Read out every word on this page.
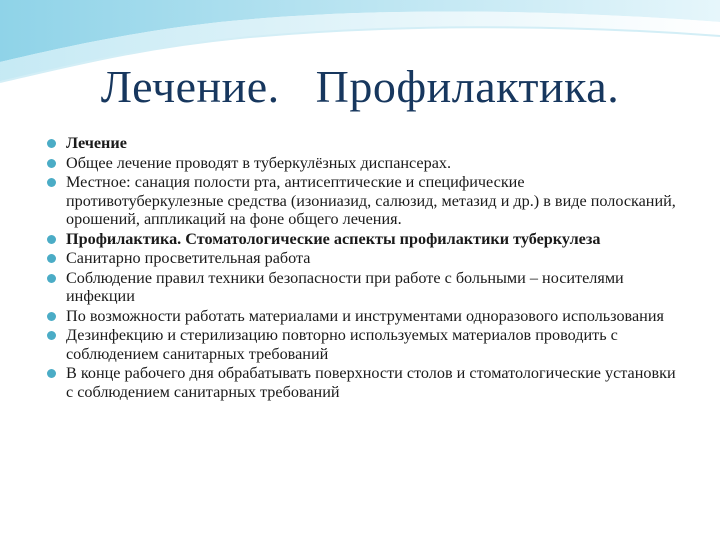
Лечение.   Профилактика.
Лечение
Общее лечение проводят в туберкулёзных диспансерах.
Местное: санация полости рта, антисептические и специфические противотуберкулезные средства (изониазид, салюзид, метазид и др.) в виде полосканий, орошений, аппликаций на фоне общего лечения.
Профилактика. Стоматологические аспекты профилактики туберкулеза
Санитарно просветительная работа
Соблюдение правил техники безопасности при работе с больными – носителями инфекции
По возможности работать материалами и инструментами одноразового использования
Дезинфекцию и стерилизацию повторно используемых материалов проводить с соблюдением санитарных требований
В конце рабочего дня обрабатывать поверхности столов и стоматологические установки с соблюдением санитарных требований
